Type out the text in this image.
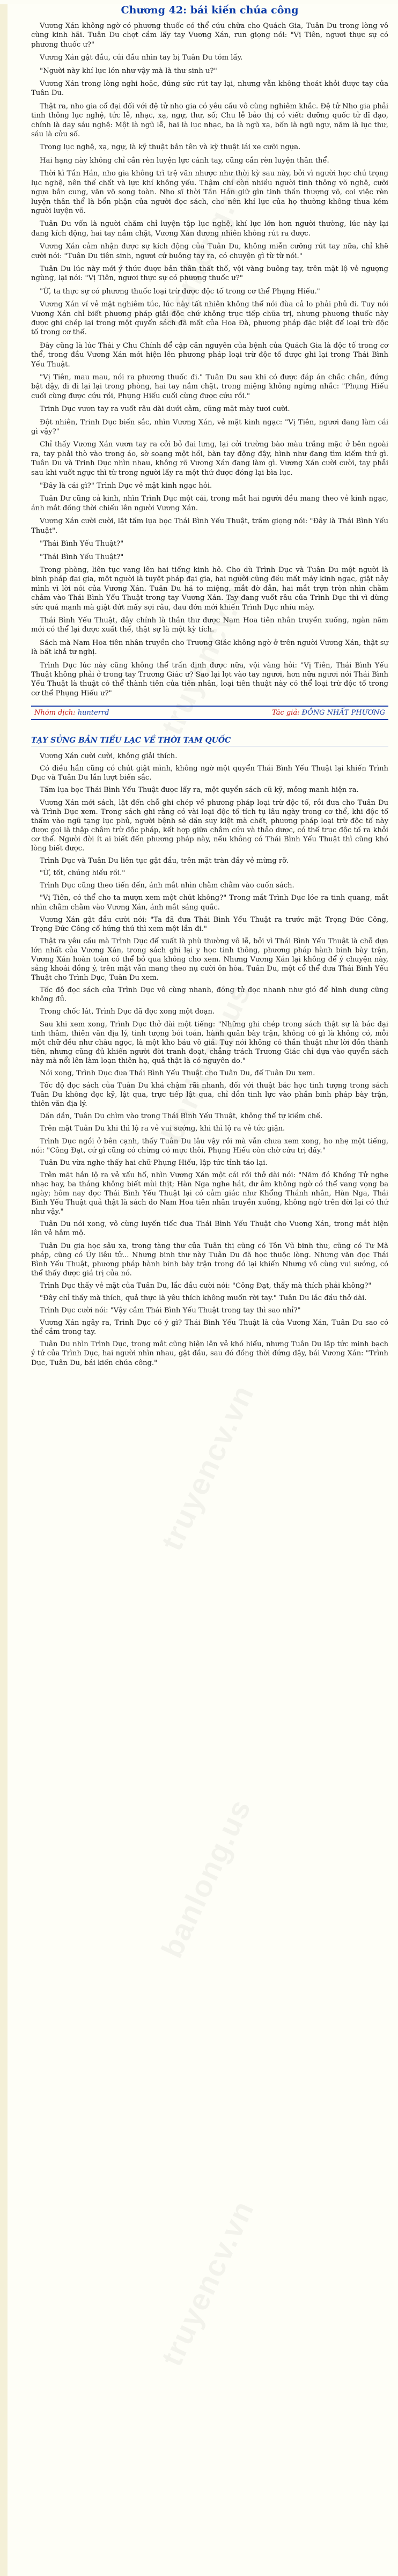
Chương 42: bái kiến chúa công

Vương Xán không ngờ có phương thuốc có thể cứu chữa cho Quách Gia, Tuân Du trong lòng vô cùng kinh hãi. Tuân Du chợt cầm lấy tay Vương Xán, run giọng nói: "Vị Tiên, ngươi thực sự có phương thuốc ư?"

Vương Xán gật đầu, cúi đầu nhìn tay bị Tuân Du tóm lấy.

"Người này khí lực lớn như vậy mà là thư sinh ư?"

Vương Xán trong lòng nghi hoặc, đúng sức rút tay lại, nhưng vẫn không thoát khỏi được tay của Tuân Du.

Thật ra, nho gia cổ đại đối với đệ tử nho gia có yêu cầu vô cùng nghiêm khắc. Đệ tử Nho gia phải tinh thông lục nghệ, tức lễ, nhạc, xạ, ngự, thư, số; Chu lễ bảo thị có viết: dưỡng quốc tử dĩ đạo, chính là dạy sáu nghệ: Một là ngũ lễ, hai là lục nhạc, ba là ngũ xạ, bốn là ngũ ngự, năm là lục thư, sáu là cửu số.

Trong lục nghệ, xạ, ngự, là kỹ thuật bắn tên và kỹ thuật lái xe cưỡi ngựa.

Hai hạng này không chỉ cần rèn luyện lực cánh tay, cũng cần rèn luyện thân thể.

Thời kì Tần Hán, nho gia không trì trệ văn nhược như thời kỳ sau này, bởi vì người học chú trọng lục nghệ, nên thể chất và lực khí không yếu. Thậm chí còn nhiều người tinh thông võ nghệ, cưỡi ngựa bắn cung, văn võ song toàn. Nho sĩ thời Tần Hán giữ gìn tinh thần thượng võ, coi việc rèn luyện thân thể là bổn phận của người đọc sách, cho nên khí lực của họ thường không thua kém người luyện võ.

Tuân Du vốn là người chăm chỉ luyện tập lục nghệ, khí lực lớn hơn người thường, lúc này lại đang kích động, hai tay nắm chặt, Vương Xán đương nhiên không rút ra được.

Vương Xán cảm nhận được sự kích động của Tuân Du, không miễn cưỡng rút tay nữa, chỉ khẽ cười nói: "Tuân Du tiên sinh, ngươi cứ buông tay ra, có chuyện gì từ từ nói."

Tuân Du lúc này mới ý thức được bản thân thất thố, vội vàng buông tay, trên mặt lộ vẻ ngượng ngùng, lại nói: "Vị Tiên, ngươi thực sự có phương thuốc ư?"

"Ừ, ta thực sự có phương thuốc loại trừ được độc tố trong cơ thể Phụng Hiếu."

Vương Xán ví vẻ mặt nghiêm túc, lúc này tất nhiên không thể nói đùa cả lo phải phủ đi. Tuy nói Vương Xán chỉ biết phương pháp giải độc chứ không trực tiếp chữa trị, nhưng phương thuốc này được ghi chép lại trong một quyển sách đã mất của Hoa Đà, phương pháp đặc biệt để loại trừ độc tố trong cơ thể.

Đây cũng là lúc Thái y Chu Chính để cập căn nguyên của bệnh của Quách Gia là độc tố trong cơ thể, trong đầu Vương Xán mới hiện lên phương pháp loại trừ độc tố được ghi lại trong Thái Bình Yếu Thuật.

"Vị Tiên, mau mau, nói ra phương thuốc đi." Tuân Du sau khi có được đáp án chắc chắn, đứng bật dậy, đi đi lại lại trong phòng, hai tay nắm chặt, trong miệng không ngừng nhắc: "Phụng Hiếu cuối cùng được cứu rồi, Phụng Hiếu cuối cùng được cứu rồi."

Trinh Dục vươn tay ra vuốt râu dài dưới cằm, cũng mặt mày tươi cười.

Đột nhiên, Trinh Dục biến sắc, nhìn Vương Xán, vẻ mặt kinh ngạc: "Vị Tiên, ngươi đang làm cái gì vậy?"

Chỉ thấy Vương Xán vươn tay ra cởi bỏ đai lưng, lại cởi trường bào màu trắng mặc ở bên ngoài ra, tay phải thò vào trong áo, sờ soạng một hồi, bàn tay động đậy, hình như đang tìm kiếm thứ gì. Tuân Du và Trinh Dục nhìn nhau, không rõ Vương Xán đang làm gì. Vương Xán cười cười, tay phải sau khi vuốt ngực thì từ trong người lấy ra một thứ được đóng lại bìa lục.

"Đây là cái gì?" Trình Dục vẻ mặt kinh ngạc hỏi.

Tuân Dư cũng cả kinh, nhìn Trình Dục một cái, trong mắt hai người đều mang theo vẻ kinh ngạc, ánh mắt đồng thời chiếu lên người Vương Xán.

Vương Xán cười cười, lật tấm lụa bọc Thái Bình Yếu Thuật, trầm giọng nói: "Đây là Thái Bình Yếu Thuật".

"Thái Bình Yếu Thuật?"

"Thái Bình Yếu Thuật?"

Trong phòng, liên tục vang lên hai tiếng kinh hô. Cho dù Trình Dục và Tuân Du một người là bình pháp đại gia, một người là tuyệt pháp đại gia, hai người cũng đều mất máy kinh ngạc, giật nảy mình vì lời nói của Vương Xán. Tuân Du há to miệng, mắt đờ đẫn, hai mắt trợn tròn nhìn chằm chằm vào Thái Bình Yếu Thuật trong tay Vương Xán. Tay đang vuốt râu của Trình Dục thì vì dùng sức quá mạnh mà giật đứt mấy sợi râu, đau đớn mới khiến Trình Dục nhíu mày.

Thái Bình Yếu Thuật, đây chính là thần thư được Nam Hoa tiên nhân truyền xuống, ngàn năm mới có thể lại được xuất thế, thật sự là một kỳ tích.

Sách mà Nam Hoa tiên nhân truyền cho Trương Giác không ngờ ở trên người Vương Xán, thật sự là bất khả tư nghị.

Trình Dục lúc này cũng không thể trấn định được nữa, vội vàng hỏi: "Vị Tiên, Thái Bình Yếu Thuật không phải ở trong tay Trương Giác ư? Sao lại lọt vào tay ngươi, hơn nữa ngươi nói Thái Bình Yếu Thuật là thuật có thể thành tiên của tiên nhân, loại tiên thuật này có thể loại trừ độc tố trong cơ thể Phụng Hiếu ư?"

Nhóm dịch: hunterrd	Tác giả: ĐỒNG NHẤT PHƯƠNG
TẠY SỬNG BẢN TIẾU LẠC VỀ THỜI TAM QUỐC

Vương Xán cười cười, không giải thích.

Có điều hắn cũng có chút giật mình, không ngờ một quyển Thái Bình Yếu Thuật lại khiến Trình Dục và Tuân Du lần lượt biến sắc.

Tấm lụa bọc Thái Bình Yếu Thuật được lấy ra, một quyển sách cũ kỹ, mỏng manh hiện ra.

Vương Xán mới sách, lật đến chỗ ghi chép về phương pháp loại trừ độc tố, rồi đưa cho Tuân Du và Trình Dục xem. Trong sách ghi rằng có vài loại độc tố tích tụ lâu ngày trong cơ thể, khi độc tố thấm vào ngũ tạng lục phủ, người bệnh sẽ dần suy kiệt mà chết, phương pháp loại trừ độc tố này được gọi là thập châm trừ độc pháp, kết hợp giữa châm cứu và thảo dược, có thể trục độc tố ra khỏi cơ thể. Người đời ít ai biết đến phương pháp này, nếu không có Thái Bình Yếu Thuật thì cũng khó lòng biết được.

Trình Dục và Tuân Du liên tục gật đầu, trên mặt tràn đầy vẻ mừng rỡ.

"Ừ, tốt, chúng hiểu rồi."

Trình Dục cũng theo tiến đến, ánh mắt nhìn chằm chằm vào cuốn sách.

"Vị Tiên, có thể cho ta mượn xem một chút không?" Trong mắt Trình Dục lóe ra tinh quang, mắt nhìn chằm chằm vào Vương Xán, ánh mắt sáng quắc.

Vương Xán gật đầu cười nói: "Ta đã đưa Thái Bình Yếu Thuật ra trước mặt Trọng Đức Công, Trọng Đức Công cố hứng thú thì xem một lần đi."

Thật ra yêu cầu mà Trình Dục để xuất là phù thường vô lễ, bởi vì Thái Bình Yếu Thuật là chỗ dựa lớn nhất của Vương Xán, trong sách ghi lại y học tinh thông, phương pháp hành binh bày trận, Vương Xán hoàn toàn có thể bỏ qua không cho xem. Nhưng Vương Xán lại không để ý chuyện này, sảng khoái đồng ý, trên mặt vẫn mang theo nụ cười ôn hòa. Tuân Du, một cổ thể đưa Thái Bình Yếu Thuật cho Trình Dục, Tuân Du xem.

Tốc độ đọc sách của Trình Dục vô cùng nhanh, đồng tử đọc nhanh như gió để hình dung cũng không đủ.

Trong chốc lát, Trình Dục đã đọc xong một đoạn.

Sau khi xem xong, Trình Dục thở dài một tiếng: "Những ghi chép trong sách thật sự là bác đại tinh thâm, thiên văn địa lý, tinh tượng bói toán, hành quân bày trận, không có gì là không có, mỗi một chữ đều như châu ngọc, là một kho báu vô giá. Tuy nói không có thần thuật như lời đồn thành tiên, nhưng cũng đủ khiến người đời tranh đoạt, chẳng trách Trương Giác chỉ dựa vào quyển sách này mà nổi lên làm loạn thiên hạ, quả thật là có nguyên do."

Nói xong, Trình Dục đưa Thái Bình Yếu Thuật cho Tuân Du, để Tuân Du xem.

Tốc độ đọc sách của Tuân Du khá chậm rãi nhanh, đối với thuật bác học tinh tượng trong sách Tuân Du không đọc kỹ, lật qua, trực tiếp lật qua, chỉ dồn tinh lực vào phần binh pháp bày trận, thiên văn địa lý.

Dần dần, Tuân Du chìm vào trong Thái Bình Yếu Thuật, không thể tự kiềm chế.

Trên mặt Tuân Du khi thì lộ ra vẻ vui sướng, khi thì lộ ra vẻ tức giận.

Trình Dục ngồi ở bên cạnh, thấy Tuân Du lâu vậy rồi mà vẫn chưa xem xong, ho nhẹ một tiếng, nói: "Công Đạt, cứ gì cũng có chừng có mực thôi, Phụng Hiếu còn chờ cứu trị đấy."

Tuân Du vừa nghe thấy hai chữ Phụng Hiếu, lập tức tỉnh táo lại.

Trên mặt hắn lộ ra vẻ xấu hổ, nhìn Vương Xán một cái rồi thở dài nói: "Năm đó Khổng Tử nghe nhạc hay, ba tháng không biết mùi thịt; Hàn Nga nghe hát, dư âm không ngờ có thể vang vọng ba ngày; hôm nay đọc Thái Bình Yếu Thuật lại có cảm giác như Khổng Thánh nhân, Hàn Nga, Thái Bình Yếu Thuật quả thật là sách do Nam Hoa tiên nhân truyền xuống, không ngờ trên đời lại có thứ như vậy."

Tuân Du nói xong, vô cùng luyến tiếc đưa Thái Bình Yếu Thuật cho Vương Xán, trong mắt hiện lên vẻ hâm mộ.

Tuân Du gia học sâu xa, trong tàng thư của Tuân thị cũng có Tôn Vũ binh thư, cũng có Tư Mã pháp, cũng có Úy liêu tử... Nhưng binh thư này Tuân Du đã học thuộc lòng. Nhưng văn đọc Thái Bình Yếu Thuật, phương pháp hành binh bày trận trong đó lại khiến Nhưng vô cùng vui sướng, có thể thấy được giá trị của nó.

Trình Dục thấy vẻ mặt của Tuân Du, lắc đầu cười nói: "Công Đạt, thấy mà thích phải không?"

"Đây chỉ thấy mà thích, quả thực là yêu thích không muốn rời tay." Tuân Du lắc đầu thở dài.

Trình Dục cười nói: "Vậy cầm Thái Bình Yếu Thuật trong tay thì sao nhỉ?"

Vương Xán ngây ra, Trình Dục có ý gì? Thái Bình Yếu Thuật là của Vương Xán, Tuân Du sao có thể cầm trong tay.

Tuân Du nhìn Trình Dục, trong mắt cũng hiện lên vẻ khó hiểu, nhưng Tuân Du lập tức minh bạch ý tứ của Trình Dục, hai người nhìn nhau, gật đầu, sau đó đồng thời đứng dậy, bái Vương Xán: "Trình Dục, Tuân Du, bái kiến chúa công."
